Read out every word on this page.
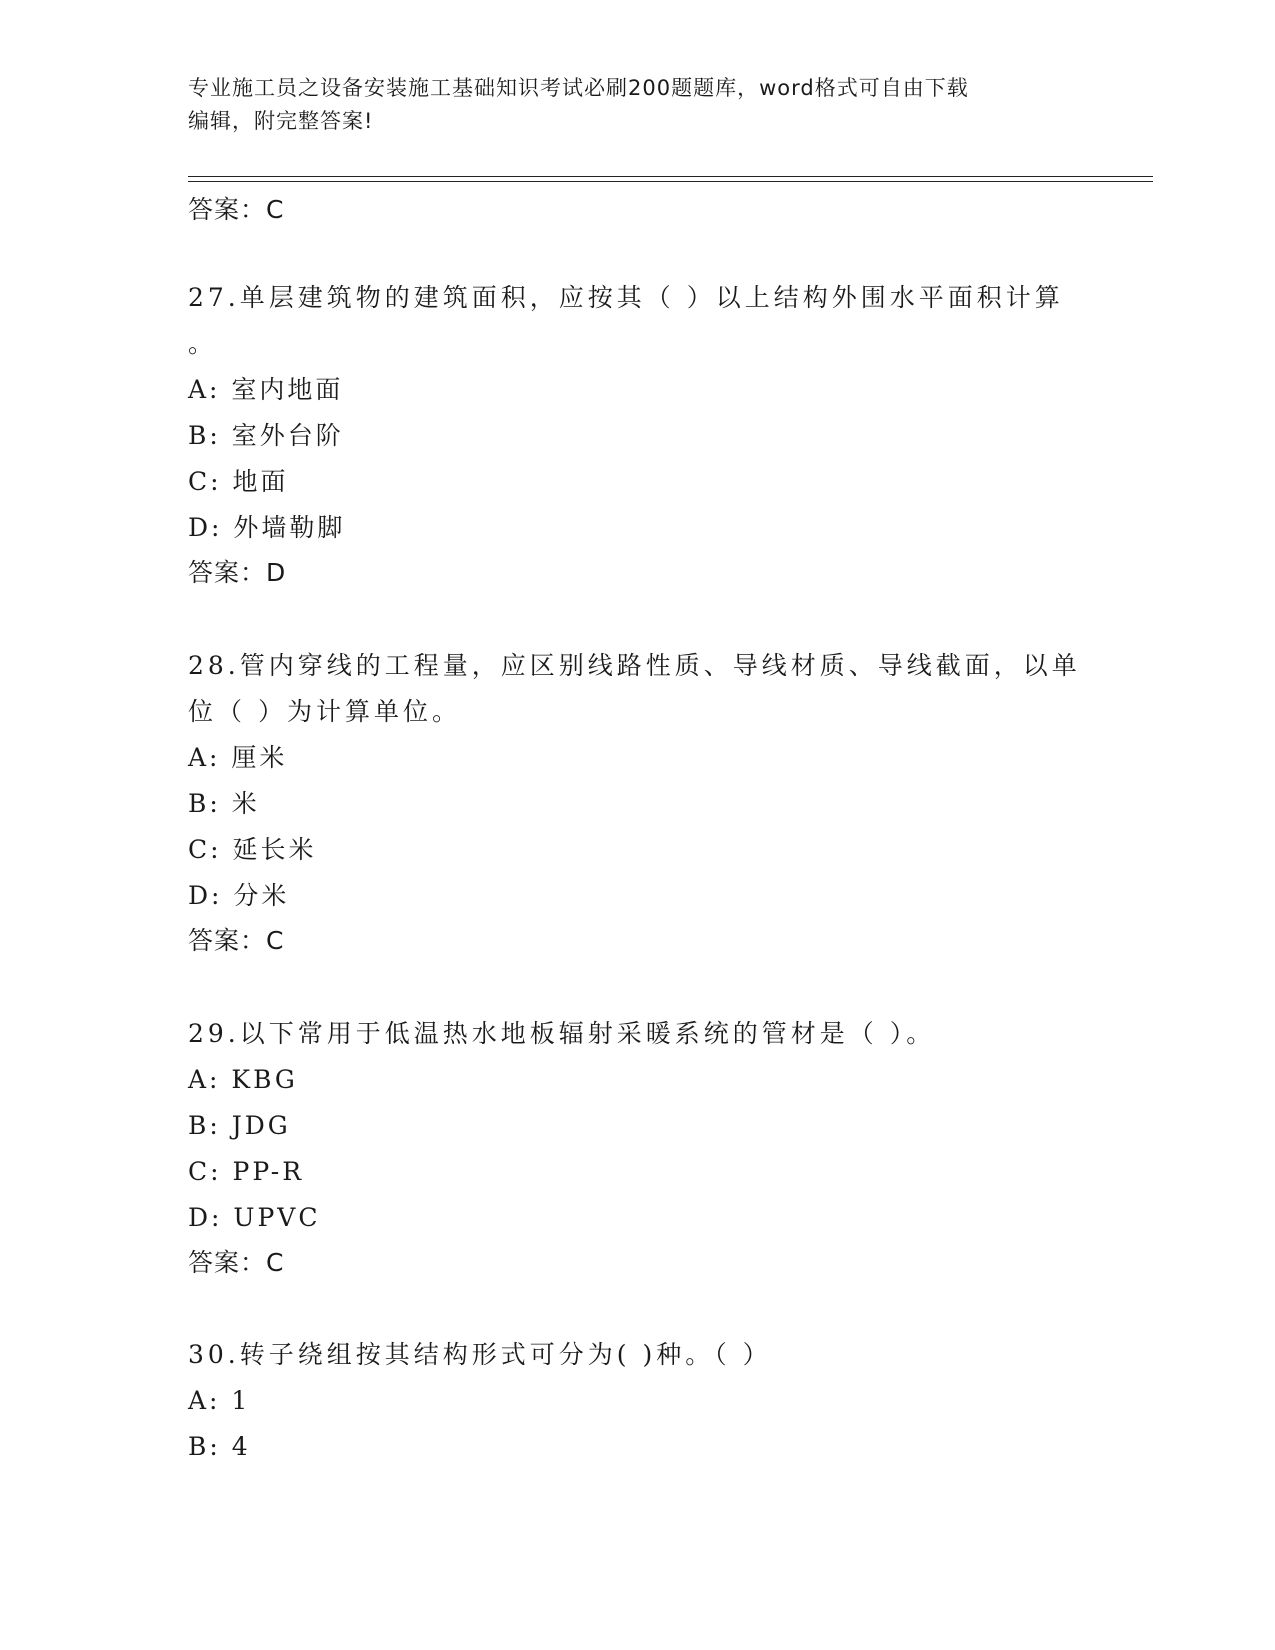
专业施工员之设备安装施工基础知识考试必刷200题题库，word格式可自由下载
编辑，附完整答案!
答案：C
27.单层建筑物的建筑面积，应按其（ ）以上结构外围水平面积计算
。
A: 室内地面
B: 室外台阶
C: 地面
D: 外墙勒脚
答案：D
28.管内穿线的工程量，应区别线路性质、导线材质、导线截面，以单
位（ ）为计算单位。
A: 厘米
B: 米
C: 延长米
D: 分米
答案：C
29.以下常用于低温热水地板辐射采暖系统的管材是（ ）。
A: KBG
B: JDG
C: PP-R
D: UPVC
答案：C
30.转子绕组按其结构形式可分为( )种。（ ）
A: 1
B: 4
